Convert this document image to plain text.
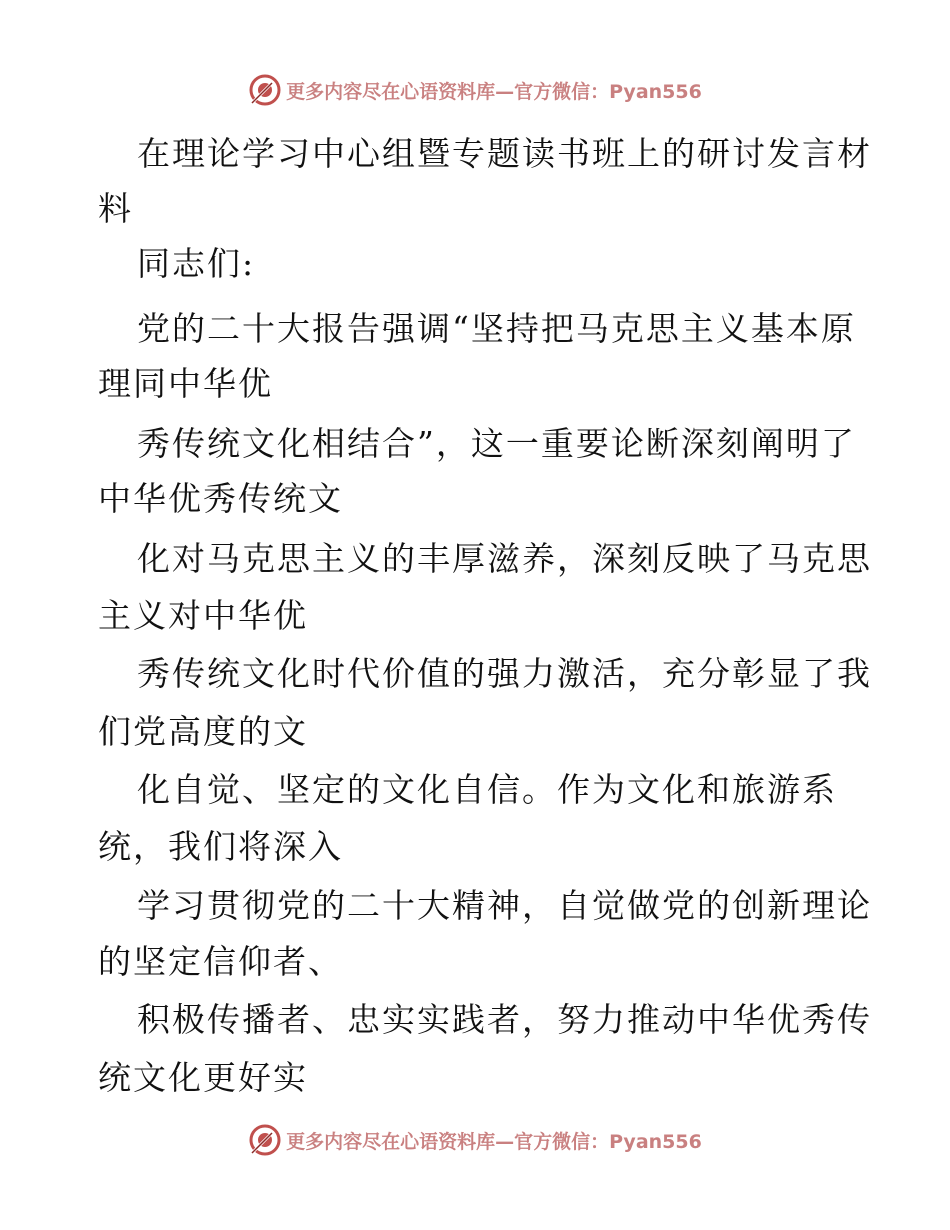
更多内容尽在心语资料库—官方微信：Pyan556
在理论学习中心组暨专题读书班上的研讨发言材
料
同志们:
党的二十大报告强调“坚持把马克思主义基本原
理同中华优
秀传统文化相结合”，这一重要论断深刻阐明了
中华优秀传统文
化对马克思主义的丰厚滋养，深刻反映了马克思
主义对中华优
秀传统文化时代价值的强力激活，充分彰显了我
们党高度的文
化自觉、坚定的文化自信。作为文化和旅游系
统，我们将深入
学习贯彻党的二十大精神，自觉做党的创新理论
的坚定信仰者、
积极传播者、忠实实践者，努力推动中华优秀传
统文化更好实
更多内容尽在心语资料库—官方微信：Pyan556
